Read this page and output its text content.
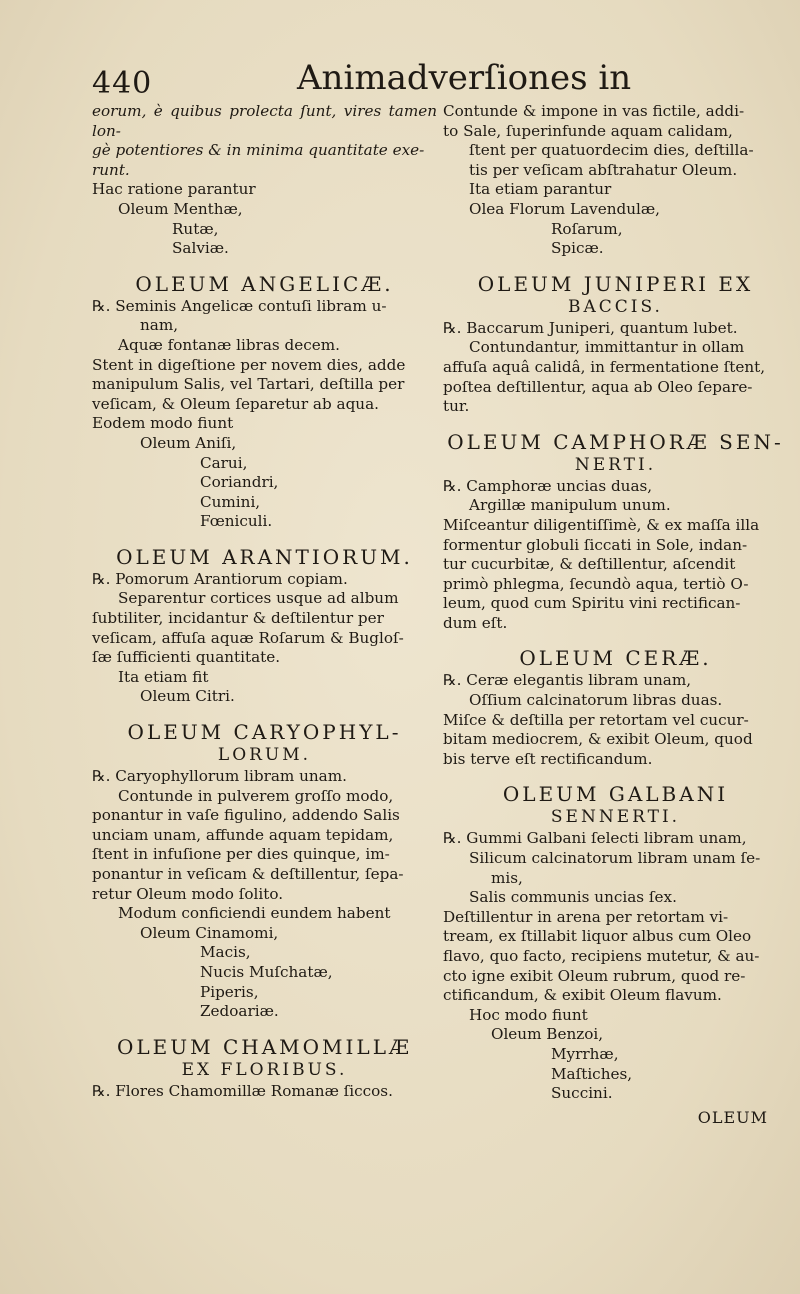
440	Animadverſiones in

eorum, è quibus prolecta ſunt, vires tamen lon-

gè potentiores & in minima quantitate exe-

runt.

Hac ratione parantur

Oleum Menthæ,

Rutæ,

Salviæ.

OLEUM ANGELICÆ.

℞. Seminis Angelicæ contuſi libram u-

nam,

Aquæ fontanæ libras decem.

Stent in digeſtione per novem dies, adde

manipulum Salis, vel Tartari, deſtilla per

veſicam, & Oleum ſeparetur ab aqua.

Eodem modo fiunt

Oleum Aniſi,

Carui,

Coriandri,

Cumini,

Fœniculi.

OLEUM ARANTIORUM.

℞. Pomorum Arantiorum copiam.

Separentur cortices usque ad album

ſubtiliter, incidantur & deſtilentur per

veſicam, affuſa aquæ Roſarum & Bugloſ-

ſæ ſufficienti quantitate.

Ita etiam fit

Oleum Citri.

OLEUM CARYOPHYL-

LORUM.

℞. Caryophyllorum libram unam.

Contunde in pulverem groſſo modo,

ponantur in vaſe figulino, addendo Salis

unciam unam, affunde aquam tepidam,

ſtent in infuſione per dies quinque, im-

ponantur in veſicam & deſtillentur, ſepa-

retur Oleum modo ſolito.

Modum conficiendi eundem habent

Oleum Cinamomi,

Macis,

Nucis Muſchatæ,

Piperis,

Zedoariæ.

OLEUM CHAMOMILLÆ

EX FLORIBUS.

℞. Flores Chamomillæ Romanæ ſiccos.

Contunde & impone in vas fictile, addi-

to Sale, ſuperinfunde aquam calidam,

ſtent per quatuordecim dies, deſtilla-

tis per veſicam abſtrahatur Oleum.

Ita etiam parantur

Olea Florum Lavendulæ,

Roſarum,

Spicæ.

OLEUM JUNIPERI EX

BACCIS.

℞. Baccarum Juniperi, quantum lubet.

Contundantur, immittantur in ollam

affuſa aquâ calidâ, in fermentatione ſtent,

poſtea deſtillentur, aqua ab Oleo ſepare-

tur.

OLEUM CAMPHORÆ SEN-

NERTI.

℞. Camphoræ uncias duas,

Argillæ manipulum unum.

Miſceantur diligentiſſimè, & ex maſſa illa

formentur globuli ſiccati in Sole, indan-

tur cucurbitæ, & deſtillentur, aſcendit

primò phlegma, ſecundò aqua, tertiò O-

leum, quod cum Spiritu vini rectifican-

dum eſt.

OLEUM CERÆ.

℞. Ceræ elegantis libram unam,

Oſſium calcinatorum libras duas.

Miſce & deſtilla per retortam vel cucur-

bitam mediocrem, & exibit Oleum, quod

bis terve eſt rectificandum.

OLEUM GALBANI

SENNERTI.

℞. Gummi Galbani ſelecti libram unam,

Silicum calcinatorum libram unam ſe-

mis,

Salis communis uncias ſex.

Deſtillentur in arena per retortam vi-

tream, ex ſtillabit liquor albus cum Oleo

flavo, quo facto, recipiens mutetur, & au-

cto igne exibit Oleum rubrum, quod re-

ctificandum, & exibit Oleum flavum.

Hoc modo fiunt

Oleum Benzoi,

Myrrhæ,

Maſtiches,

Succini.

OLEUM
